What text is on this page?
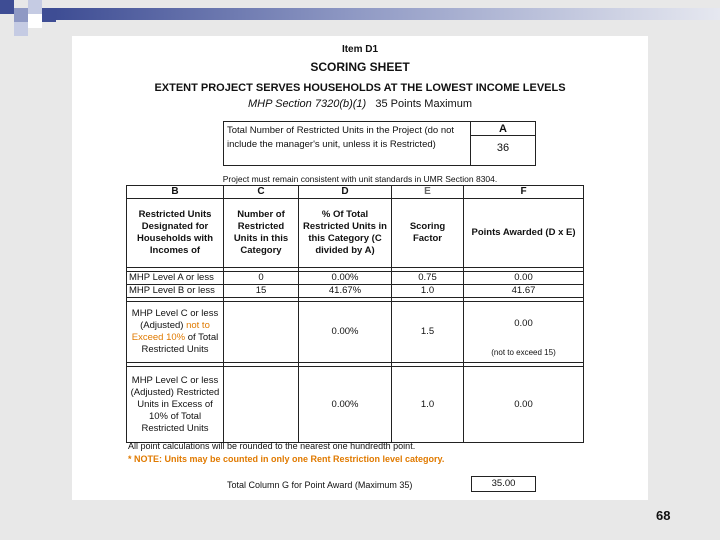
Item D1
SCORING SHEET
EXTENT PROJECT SERVES HOUSEHOLDS AT THE LOWEST INCOME LEVELS
MHP Section 7320(b)(1) 35 Points Maximum
Total Number of Restricted Units in the Project (do not include the manager's unit, unless it is Restricted)
A
36
Project must remain consistent with unit standards in UMR Section 8304.
B	C	D	E	F
Restricted Units Designated for Households with Incomes of	Number of Restricted Units in this Category	% Of Total Restricted Units in this Category (C divided by A)	Scoring Factor	Points Awarded (D x E)

MHP Level A or less	0	0.00%	0.75	0.00
MHP Level B or less	15	41.67%	1.0	41.67

MHP Level C or less (Adjusted) not to Exceed 10% of Total Restricted Units		0.00%	1.5	0.00
(not to exceed 15)

MHP Level C or less (Adjusted) Restricted Units in Excess of 10% of Total Restricted Units		0.00%	1.0	0.00
All point calculations will be rounded to the nearest one hundredth point.
* NOTE: Units may be counted in only one Rent Restriction level category.
Total Column G for Point Award (Maximum 35)	35.00
68
